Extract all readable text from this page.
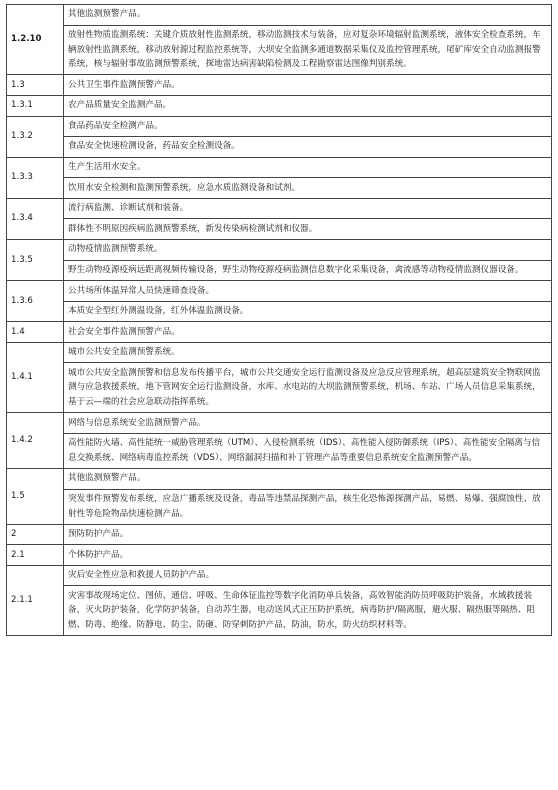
1.2.10	其他监测预警产品。
	放射性物质监测系统：关键介质放射性监测系统，移动监测技术与装备，应对复杂环境辐射监测系统，液体安全检查系统，车辆放射性监测系统，移动放射源过程监控系统等，大坝安全监测多通道数据采集仪及监控管理系统，尾矿库安全自动监测报警系统，核与辐射事故监测预警系统，探地雷达病害缺陷检测及工程勘察雷达图像判别系统。
1.3	公共卫生事件监测预警产品。
1.3.1	农产品质量安全监测产品。
1.3.2	食品药品安全检测产品。
	食品安全快速检测设备，药品安全检测设备。
1.3.3	生产生活用水安全。
	饮用水安全检测和监测预警系统，应急水质监测设备和试剂。
1.3.4	流行病监测、诊断试剂和装备。
	群体性不明原因疾病监测预警系统，新发传染病检测试剂和仪器。
1.3.5	动物疫情监测预警系统。
	野生动物疫源疫病远距离视频传输设备，野生动物疫源疫病监测信息数字化采集设备，禽流感等动物疫情监测仪器设备。
1.3.6	公共场所体温异常人员快速筛查设备。
	本质安全型红外测温设备，红外体温监测设备。
1.4	社会安全事件监测预警产品。
1.4.1	城市公共安全监测预警系统。
	城市公共安全监测预警和信息发布传播平台，城市公共交通安全运行监测设备及应急反应管理系统，超高层建筑安全物联网监测与应急救援系统，地下管网安全运行监测设备，水库、水电站的大坝监测预警系统，机场、车站、广场人员信息采集系统，基于云—端的社会应急联动指挥系统。
1.4.2	网络与信息系统安全监测预警产品。
	高性能防火墙、高性能统一威胁管理系统（UTM）、入侵检测系统（IDS）、高性能入侵防御系统（IPS）、高性能安全隔离与信息交换系统、网络病毒监控系统（VDS）、网络漏洞扫描和补丁管理产品等重要信息系统安全监测预警产品。
1.5	其他监测预警产品。
	突发事件预警发布系统，应急广播系统及设备，毒品等违禁品探测产品，核生化恐怖源探测产品，易燃、易爆、强腐蚀性、放射性等危险物品快速检测产品。
2	预防防护产品。
2.1	个体防护产品。
2.1.1	灾后安全性应急和救援人员防护产品。
	灾害事故现场定位、图侦、通信、呼吸、生命体征监控等数字化消防单兵装备，高效智能消防员呼吸防护装备，水域救援装备，灭火防护装备，化学防护装备，自动苏生器，电动送风式正压防护系统，病毒防护/隔离服，避火服、隔热服等隔热、阻燃、防毒、绝缘、防静电、防尘、防砸、防穿刺防护产品，防油，防水，防火纺织材料等。
